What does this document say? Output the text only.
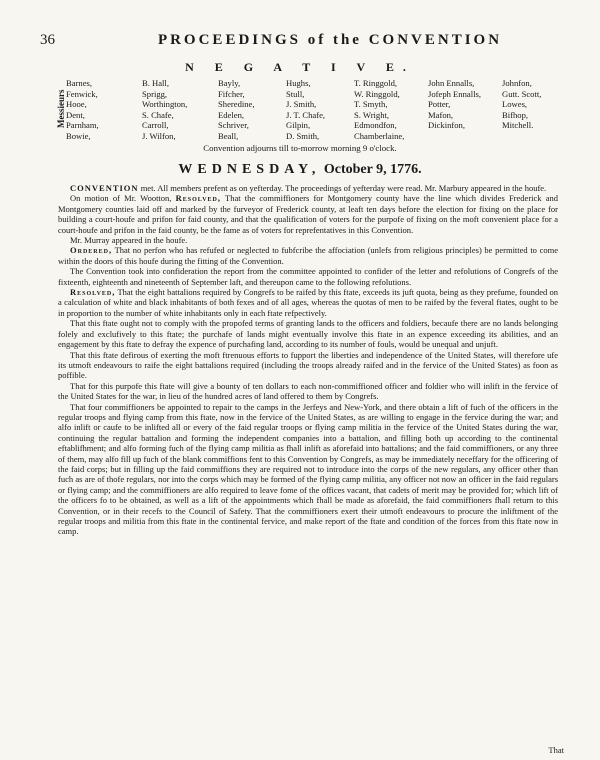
36	PROCEEDINGS of the CONVENTION
N E G A T I V E.
Messieurs
Barnes,
Fenwick,
Hooe,
Dent,
Parnham,
Bowie,
B. Hall,
Sprigg,
Worthington,
S. Chafe,
Carroll,
J. Wilfon,
Bayly,
Fifcher,
Sheredine,
Edelen,
Schriver,
Beall,
Hughs,
Stull,
J. Smith,
J. T. Chafe,
Gilpin,
D. Smith,
T. Ringgold,
W. Ringgold,
T. Smyth,
S. Wright,
Edmondfon,
Chamberlaine,
John Ennalls,
Jofeph Ennalls,
Potter,
Mafon,
Dickinfon,
Johnfon,
Gutt. Scott,
Lowes,
Bifhop,
Mitchell.
Convention adjourns till to-morrow morning 9 o'clock.
WEDNESDAY, October 9, 1776.

CONVENTION met. All members prefent as on yefterday. The proceedings of yefterday were read. Mr. Marbury appeared in the houfe.

On motion of Mr. Wootton, Resolved, That the commiffioners for Montgomery county have the line which divides Frederick and Montgomery counties laid off and marked by the furveyor of Frederick county, at leaft ten days before the election for fixing on the place for building a court-houfe and prifon for faid county, and that the qualification of voters for the purpofe of fixing on the moft convenient place for a court-houfe and prifon in the faid county, be the fame as of voters for reprefentatives in this Convention.

Mr. Murray appeared in the houfe.

Ordered, That no perfon who has refufed or neglected to fubfcribe the affociation (unlefs from religious principles) be permitted to come within the doors of this houfe during the fitting of the Convention.

The Convention took into confideration the report from the committee appointed to confider of the letter and refolutions of Congrefs of the fixteenth, eighteenth and nineteenth of September laft, and thereupon came to the following refolutions.

Resolved, That the eight battalions required by Congrefs to be raifed by this ftate, exceeds its juft quota, being as they prefume, founded on a calculation of white and black inhabitants of both fexes and of all ages, whereas the quotas of men to be raifed by the feveral ftates, ought to be in proportion to the number of white inhabitants only in each ftate refpectively.

That this ftate ought not to comply with the propofed terms of granting lands to the officers and foldiers, becaufe there are no lands belonging folely and exclufively to this ftate; the purchafe of lands might eventually involve this ftate in an expence exceeding its abilities, and an engagement by this ftate to defray the expence of purchafing land, according to its number of fouls, would be unequal and unjuft.

That this ftate defirous of exerting the moft ftrenuous efforts to fupport the liberties and independence of the United States, will therefore ufe its utmoft endeavours to raife the eight battalions required (including the troops already raifed and in the fervice of the United States) as foon as poffible.

That for this purpofe this ftate will give a bounty of ten dollars to each non-commiffioned officer and foldier who will inlift in the fervice of the United States for the war, in lieu of the hundred acres of land offered to them by Congrefs.

That four commiffioners be appointed to repair to the camps in the Jerfeys and New-York, and there obtain a lift of fuch of the officers in the regular troops and flying camp from this ftate, now in the fervice of the United States, as are willing to engage in the fervice during the war; and alfo inlift or caufe to be inlifted all or every of the faid regular troops or flying camp militia in the fervice of the United States during the war, continuing the regular battalion and forming the independent companies into a battalion, and filling both up according to the continental eftablifhment; and alfo forming fuch of the flying camp militia as fhall inlift as aforefaid into battalions; and the faid commiffioners, or any three of them, may alfo fill up fuch of the blank commiffions fent to this Convention by Congrefs, as may be immediately neceffary for the officering of the faid corps; but in filling up the faid commiffions they are required not to introduce into the corps of the new regulars, any officer other than fuch as are of thofe regulars, nor into the corps which may be formed of the flying camp militia, any officer not now an officer in the faid regulars or flying camp; and the commiffioners are alfo required to leave fome of the offices vacant, that cadets of merit may be provided for; which lift of the officers fo to be obtained, as well as a lift of the appointments which fhall be made as aforefaid, the faid commiffioners fhall return to this Convention, or in their recefs to the Council of Safety. That the commiffioners exert their utmoft endeavours to procure the inliftment of the regular troops and militia from this ftate in the continental fervice, and make report of the ftate and condition of the forces from this ftate now in camp.

That
